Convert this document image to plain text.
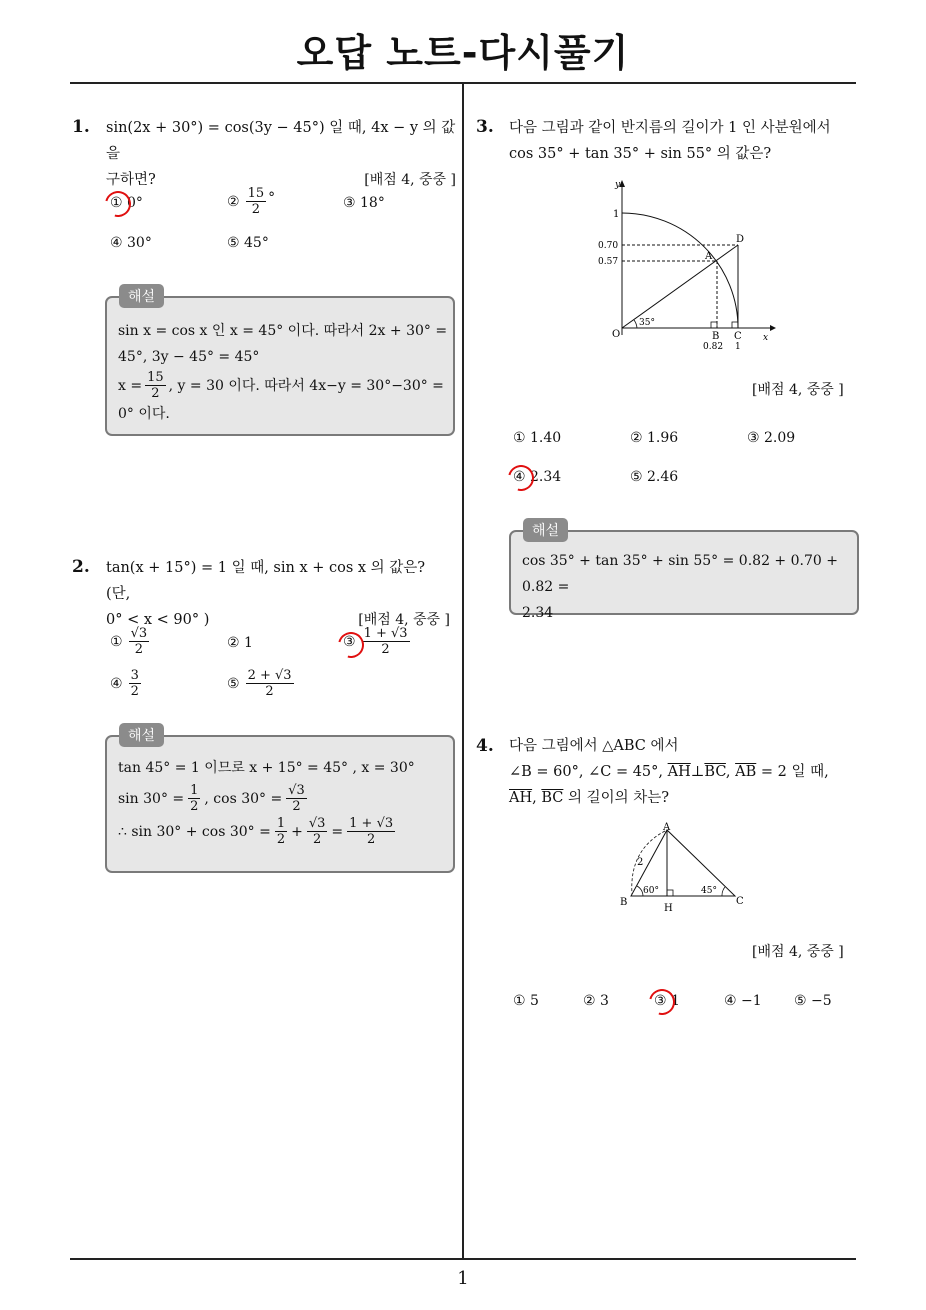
오답 노트-다시풀기
1
1. sin(2x + 30°) = cos(3y − 45°) 일 때, 4x − y 의 값을
구하면?	[배점 4, 중중 ]
① 0°	② $\frac{15}{2}$ °	③ 18°
④ 30°	⑤ 45°
sin x = cos x 인 x = 45° 이다. 따라서 2x + 30° =
45°, 3y − 45° = 45°
$x = \frac{15}{2}$ , y = 30 이다. 따라서 4x−y = 30°−30° =
0° 이다.
해설
2. tan(x + 15°) = 1 일 때, sin x + cos x 의 값은? (단,
0° < x < 90° )	[배점 4, 중중 ]
① $\frac{√3}{2}$	② 1	③ $\frac{1 + √3}{2}$
④ $\frac{3}{2}$	⑤ $\frac{2 + √3}{2}$
tan 45° = 1 이므로 x + 15° = 45° , x = 30°
$\sin 30^\circ = \frac{1}{2}$ , $\cos 30^\circ = \frac{√3}{2}$
∴ $\sin 30^\circ + \cos 30^\circ = \frac{1}{2} + \frac{√3}{2} = \frac{1 + √3}{2}$
해설
3. 다음 그림과 같이 반지름의 길이가 1 인 사분원에서
cos 35° + tan 35° + sin 55° 의 값은?
y
x
1
0.70
0.57
O
35°
A
D
B C
0.82 1
[배점 4, 중중 ]
① 1.40	② 1.96	③ 2.09
④ 2.34	⑤ 2.46
cos 35° + tan 35° + sin 55° = 0.82 + 0.70 + 0.82 =
2.34
해설
4. 다음 그림에서 △ABC 에서
∠B = 60°, ∠C = 45°, $\overline{AH}\perp\overline{BC}$, $\overline{AB} = 2$ 일 때,
$\overline{AH}$, $\overline{BC}$ 의 길이의 차는?
A
B	C
H
2
60°	45°
[배점 4, 중중 ]
① 5	② 3	③ 1	④ −1 ⑤ −5
